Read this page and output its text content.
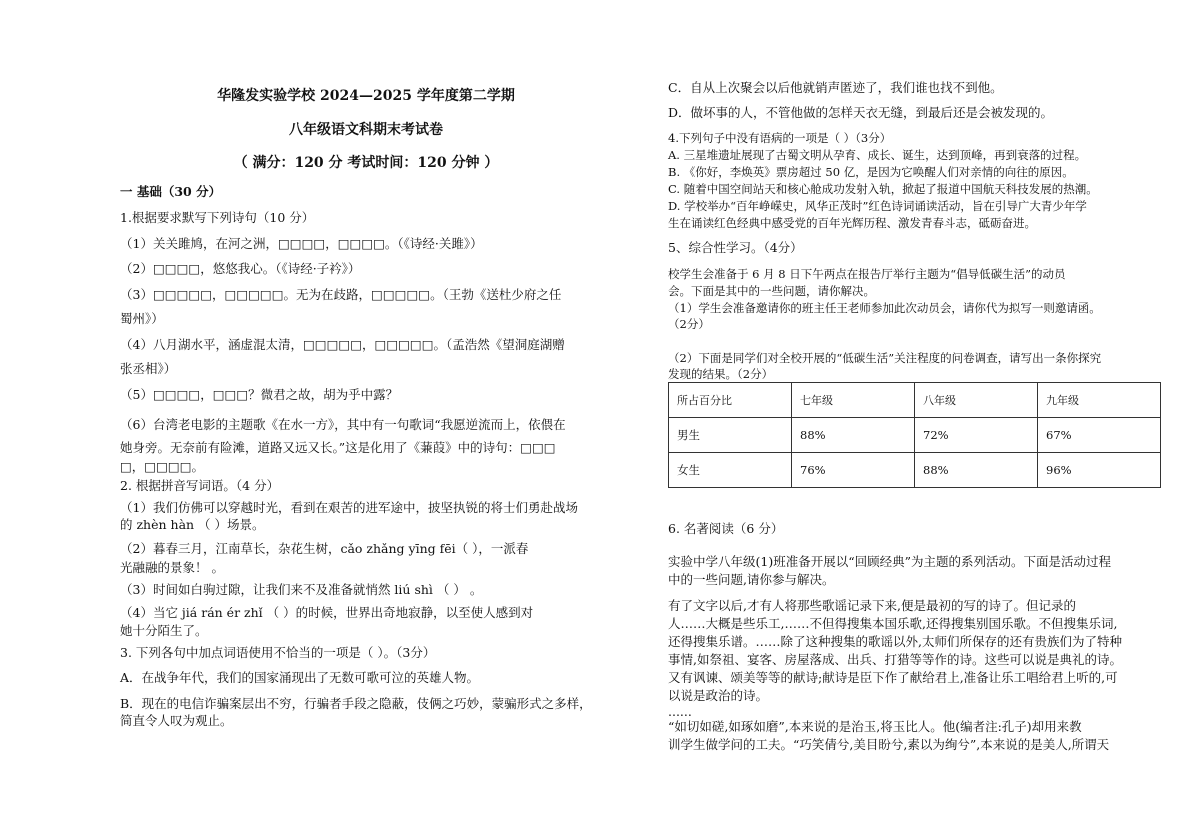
华隆发实验学校 2024—2025 学年度第二学期
八年级语文科期末考试卷
（ 满分：120 分 考试时间：120 分钟 ）
一 基础（30 分）
1.根据要求默写下列诗句（10 分）
（1）关关雎鸠，在河之洲，□□□□，□□□□。（《诗经·关雎》）
（2）□□□□，悠悠我心。（《诗经·子衿》）
（3）□□□□□，□□□□□。无为在歧路，□□□□□。（王勃《送杜少府之任
蜀州》）
（4）八月湖水平，涵虚混太清，□□□□□，□□□□□。（孟浩然《望洞庭湖赠
张丞相》）
（5）□□□□，□□□？微君之故，胡为乎中露？
（6）台湾老电影的主题歌《在水一方》，其中有一句歌词“我愿逆流而上，依偎在
她身旁。无奈前有险滩，道路又远又长。”这是化用了《蒹葭》中的诗句：□□□
□，□□□□。
2. 根据拼音写词语。（4 分）
（1）我们仿佛可以穿越时光，看到在艰苦的进军途中，披坚执锐的将士们勇赴战场
的 zhèn hàn （ ）场景。
（2）暮春三月，江南草长，杂花生树，cǎo zhǎng yīng fēi（ ），一派春
光融融的景象！ 。
（3）时间如白驹过隙，让我们来不及准备就悄然 liú shì （ ） 。
（4）当它 jiá rán ér zhǐ （ ）的时候，世界出奇地寂静，以至使人感到对
她十分陌生了。
3. 下列各句中加点词语使用不恰当的一项是（ ）。（3分）
A．在战争年代，我们的国家涌现出了无数可歌可泣的英雄人物。
B．现在的电信诈骗案层出不穷，行骗者手段之隐蔽，伎俩之巧妙，蒙骗形式之多样，
简直令人叹为观止。
C．自从上次聚会以后他就销声匿迹了，我们谁也找不到他。
D．做坏事的人，不管他做的怎样天衣无缝，到最后还是会被发现的。
4.下列句子中没有语病的一项是（ ）（3分）
A. 三星堆遗址展现了古蜀文明从孕育、成长、诞生，达到顶峰，再到衰落的过程。
B. 《你好，李焕英》票房超过 50 亿，是因为它唤醒人们对亲情的向往的原因。
C. 随着中国空间站天和核心舱成功发射入轨，掀起了报道中国航天科技发展的热潮。
D. 学校举办“百年峥嵘史，风华正茂时”红色诗词诵读活动，旨在引导广大青少年学
生在诵读红色经典中感受党的百年光辉历程、激发青春斗志，砥砺奋进。
5、综合性学习。（4分）
校学生会准备于 6 月 8 日下午两点在报告厅举行主题为“倡导低碳生活”的动员
会。下面是其中的一些问题，请你解决。
（1）学生会准备邀请你的班主任王老师参加此次动员会，请你代为拟写一则邀请函。
（2分）
（2）下面是同学们对全校开展的“低碳生活”关注程度的问卷调查，请写出一条你探究
发现的结果。（2分）
所占百分比	七年级	八年级	九年级
男生	88%	72%	67%
女生	76%	88%	96%
6. 名著阅读（6 分）
实验中学八年级(1)班准备开展以“回顾经典”为主题的系列活动。下面是活动过程
中的一些问题,请你参与解决。
有了文字以后,才有人将那些歌谣记录下来,便是最初的写的诗了。但记录的
人……大概是些乐工,……不但得搜集本国乐歌,还得搜集别国乐歌。不但搜集乐词,
还得搜集乐谱。……除了这种搜集的歌谣以外,太师们所保存的还有贵族们为了特种
事情,如祭祖、宴客、房屋落成、出兵、打猎等等作的诗。这些可以说是典礼的诗。
又有讽谏、颂美等等的献诗;献诗是臣下作了献给君上,准备让乐工唱给君上听的,可
以说是政治的诗。
......
“如切如磋,如琢如磨”,本来说的是治玉,将玉比人。他(编者注:孔子)却用来教
训学生做学问的工夫。“巧笑倩兮,美目盼兮,素以为绚兮”,本来说的是美人,所谓天
